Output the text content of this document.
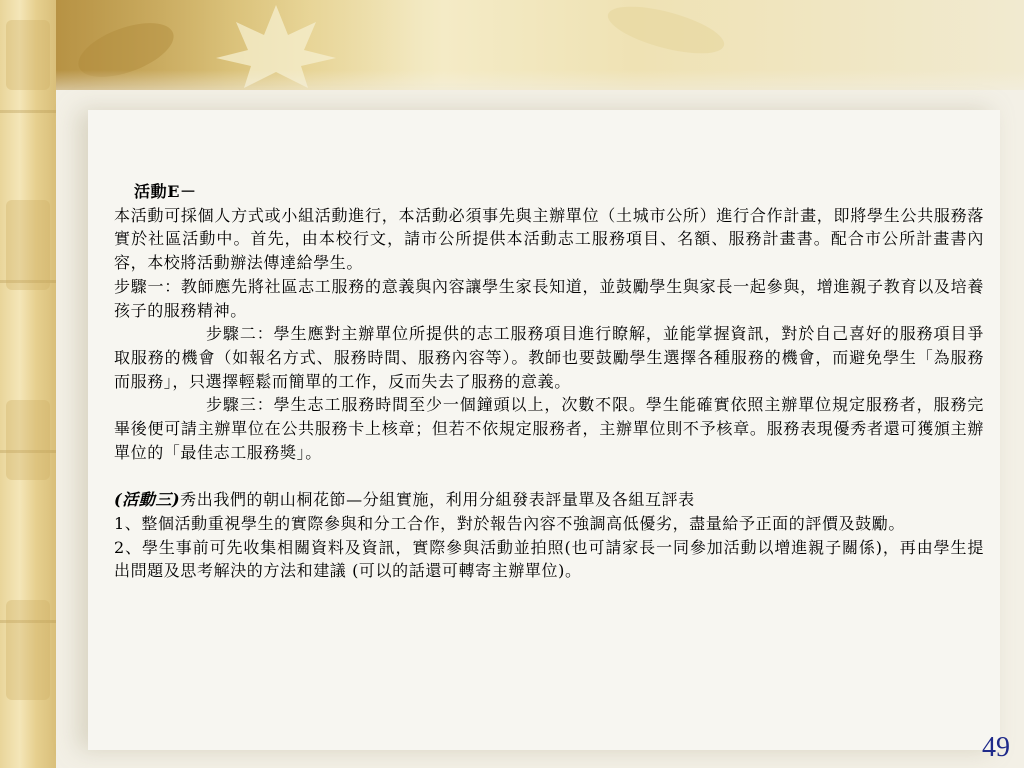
活動E－

本活動可採個人方式或小組活動進行，本活動必須事先與主辦單位（土城市公所）進行合作計畫，即將學生公共服務落實於社區活動中。首先，由本校行文，請市公所提供本活動志工服務項目、名額、服務計畫書。配合市公所計畫書內容，本校將活動辦法傳達給學生。

步驟一：教師應先將社區志工服務的意義與內容讓學生家長知道，並鼓勵學生與家長一起參與，增進親子教育以及培養孩子的服務精神。

步驟二：學生應對主辦單位所提供的志工服務項目進行瞭解，並能掌握資訊，對於自己喜好的服務項目爭取服務的機會（如報名方式、服務時間、服務內容等）。教師也要鼓勵學生選擇各種服務的機會，而避免學生「為服務而服務」，只選擇輕鬆而簡單的工作，反而失去了服務的意義。

步驟三：學生志工服務時間至少一個鐘頭以上，次數不限。學生能確實依照主辦單位規定服務者，服務完畢後便可請主辦單位在公共服務卡上核章；但若不依規定服務者，主辦單位則不予核章。服務表現優秀者還可獲頒主辦單位的「最佳志工服務獎」。

(活動三)秀出我們的朝山桐花節—分組實施，利用分組發表評量單及各組互評表

1、整個活動重視學生的實際參與和分工合作，對於報告內容不強調高低優劣，盡量給予正面的評價及鼓勵。

2、學生事前可先收集相關資料及資訊，實際參與活動並拍照(也可請家長一同參加活動以增進親子關係)，再由學生提出問題及思考解決的方法和建議 (可以的話還可轉寄主辦單位)。

49
